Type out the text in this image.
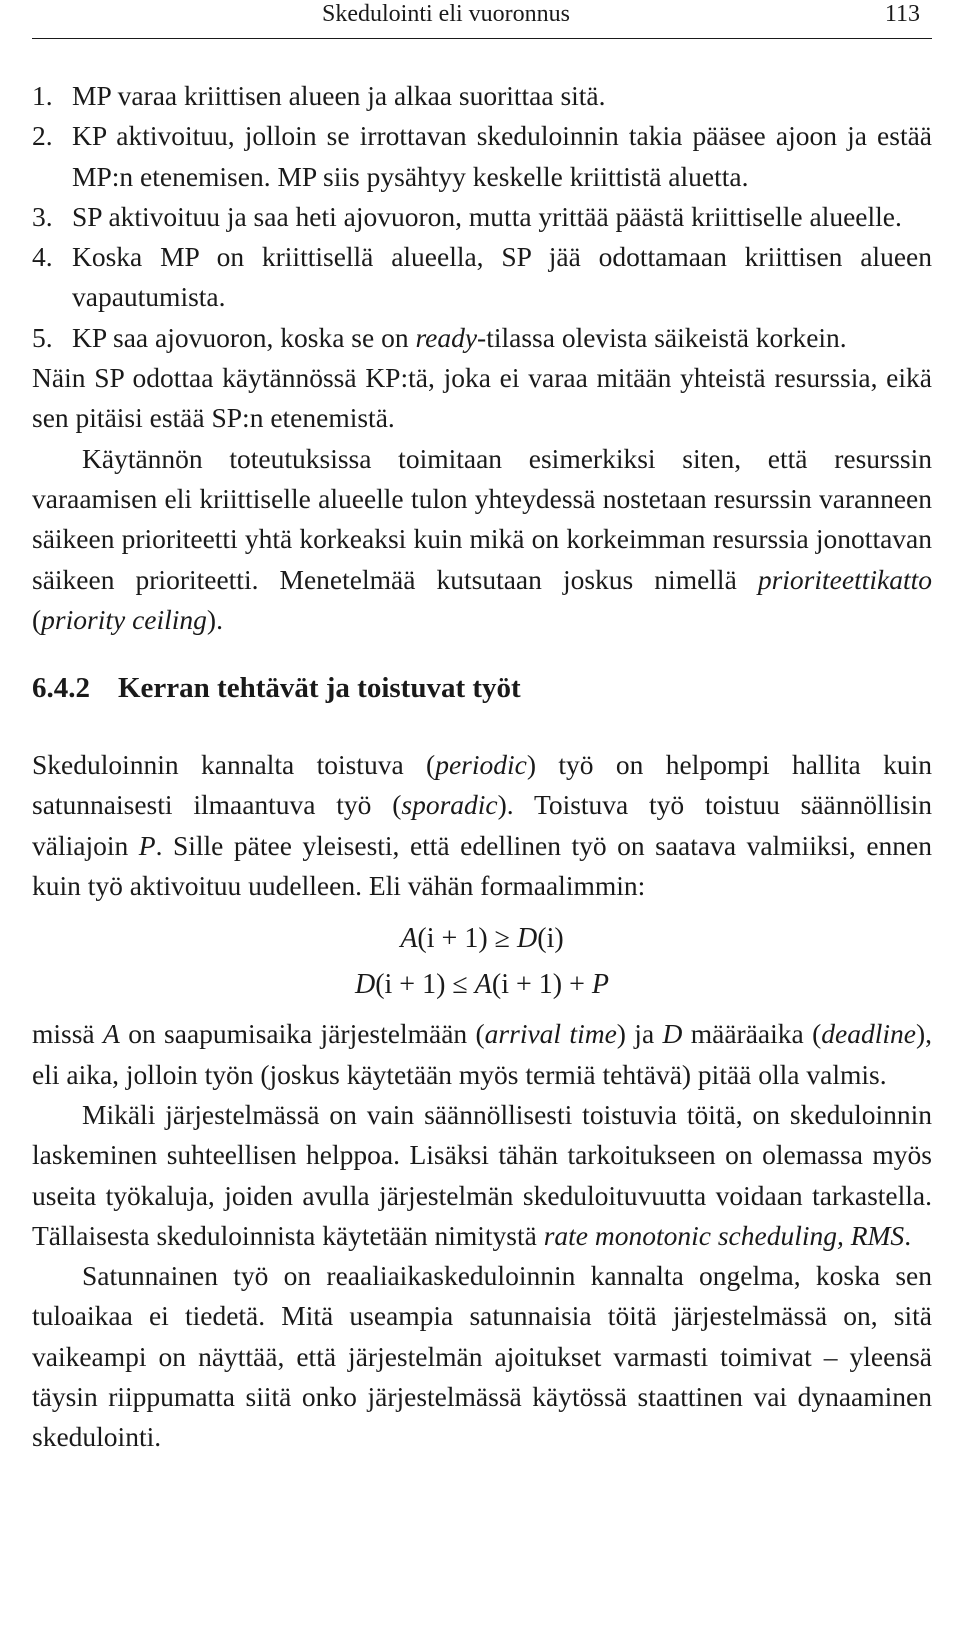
Skedulointi eli vuoronnus	113
1. MP varaa kriittisen alueen ja alkaa suorittaa sitä.
2. KP aktivoituu, jolloin se irrottavan skeduloinnin takia pääsee ajoon ja estää MP:n etenemisen. MP siis pysähtyy keskelle kriittistä aluetta.
3. SP aktivoituu ja saa heti ajovuoron, mutta yrittää päästä kriittiselle alueelle.
4. Koska MP on kriittisellä alueella, SP jää odottamaan kriittisen alueen vapautumista.
5. KP saa ajovuoron, koska se on ready-tilassa olevista säikeistä korkein.

Näin SP odottaa käytännössä KP:tä, joka ei varaa mitään yhteistä resurssia, eikä sen pitäisi estää SP:n etenemistä.

Käytännön toteutuksissa toimitaan esimerkiksi siten, että resurssin varaamisen eli kriittiselle alueelle tulon yhteydessä nostetaan resurssin varanneen säikeen prioriteetti yhtä korkeaksi kuin mikä on korkeimman resurssia jonottavan säikeen prioriteetti. Menetelmää kutsutaan joskus nimellä prioriteettikatto (priority ceiling).

6.4.2 Kerran tehtävät ja toistuvat työt

Skeduloinnin kannalta toistuva (periodic) työ on helpompi hallita kuin satunnaisesti ilmaantuva työ (sporadic). Toistuva työ toistuu säännöllisin väliajoin P. Sille pätee yleisesti, että edellinen työ on saatava valmiiksi, ennen kuin työ aktivoituu uudelleen. Eli vähän formaalimmin:

A(i + 1) ≥ D(i)
D(i + 1) ≤ A(i + 1) + P

missä A on saapumisaika järjestelmään (arrival time) ja D määräaika (deadline), eli aika, jolloin työn (joskus käytetään myös termiä tehtävä) pitää olla valmis.

Mikäli järjestelmässä on vain säännöllisesti toistuvia töitä, on skeduloinnin laskeminen suhteellisen helppoa. Lisäksi tähän tarkoitukseen on olemassa myös useita työkaluja, joiden avulla järjestelmän skeduloituvuutta voidaan tarkastella. Tällaisesta skeduloinnista käytetään nimitystä rate monotonic scheduling, RMS.

Satunnainen työ on reaaliaikaskeduloinnin kannalta ongelma, koska sen tuloaikaa ei tiedetä. Mitä useampia satunnaisia töitä järjestelmässä on, sitä vaikeampi on näyttää, että järjestelmän ajoitukset varmasti toimivat – yleensä täysin riippumatta siitä onko järjestelmässä käytössä staattinen vai dynaaminen skedulointi.
